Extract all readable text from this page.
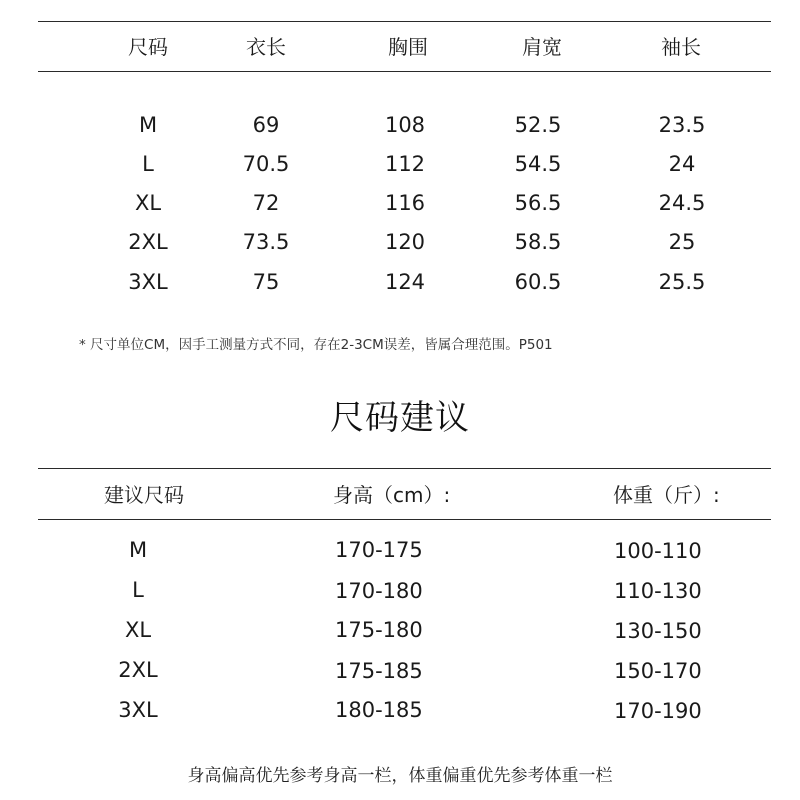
尺码	衣长	胸围	肩宽	袖长
M	69	108	52.5	23.5
L	70.5	112	54.5	24
XL	72	116	56.5	24.5
2XL	73.5	120	58.5	25
3XL	75	124	60.5	25.5
* 尺寸单位CM，因手工测量方式不同，存在2-3CM误差，皆属合理范围。P501
尺码建议
建议尺码	身高（cm）:	体重（斤）:
M	170-175	100-110
L	170-180	110-130
XL	175-180	130-150
2XL	175-185	150-170
3XL	180-185	170-190
身高偏高优先参考身高一栏，体重偏重优先参考体重一栏
